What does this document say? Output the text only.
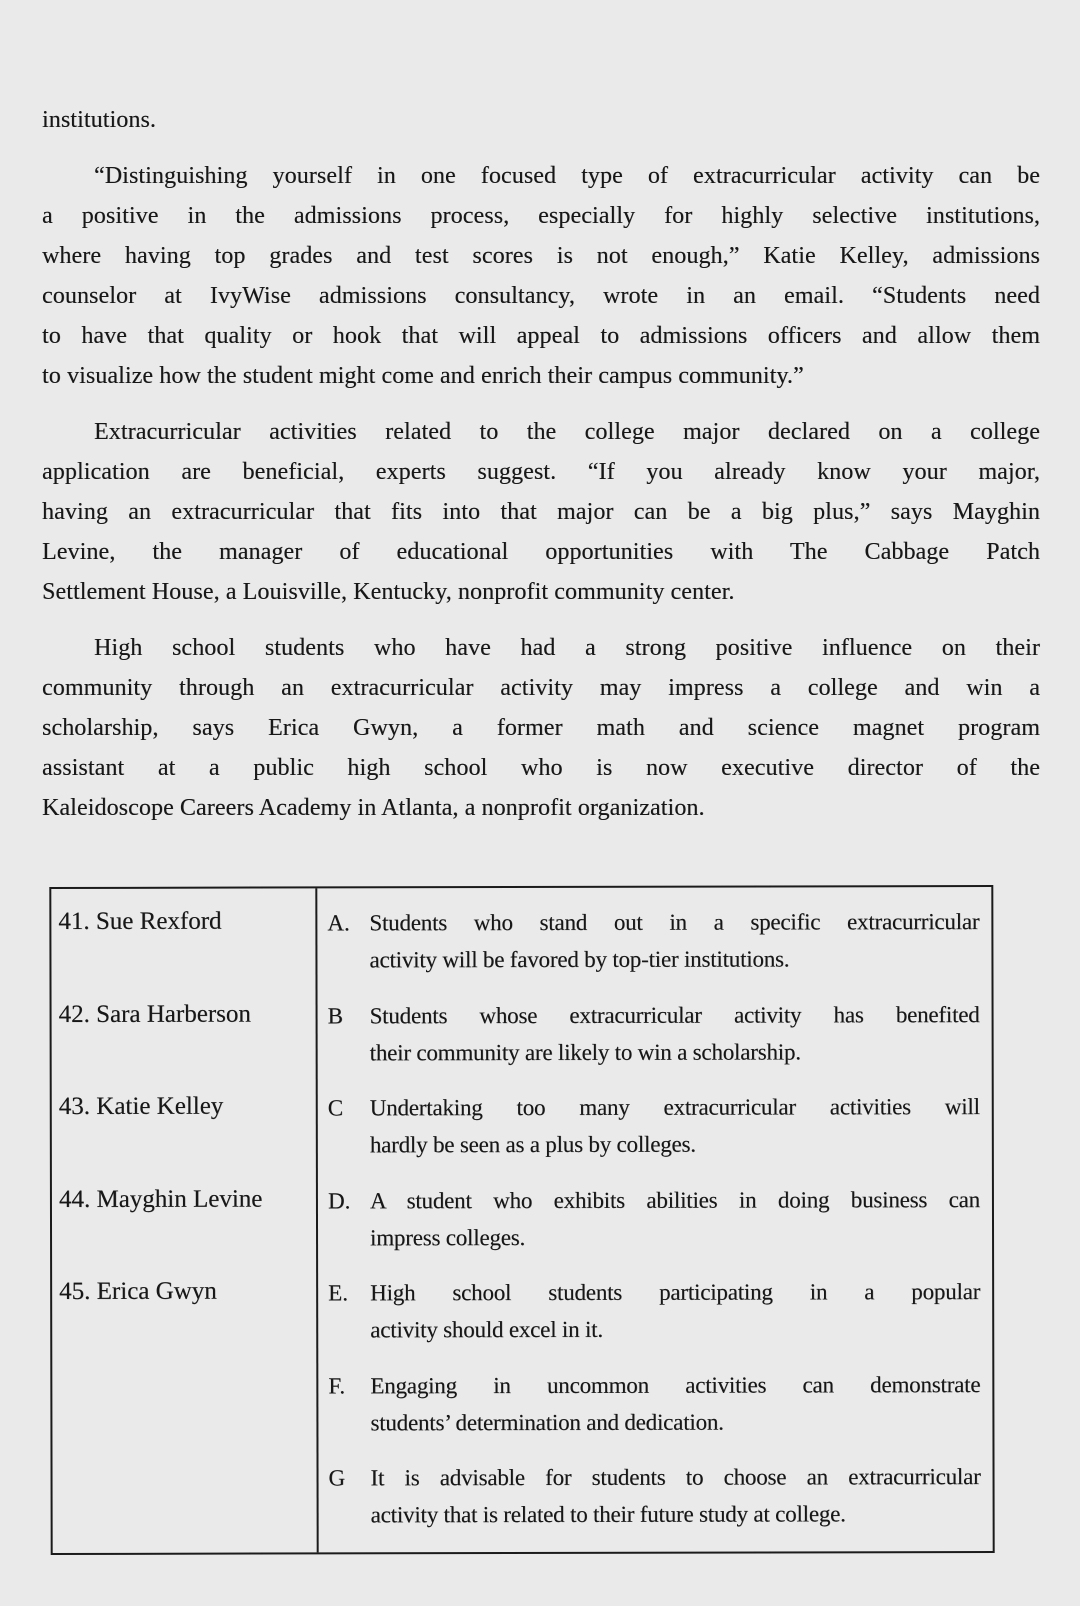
institutions.

“Distinguishing yourself in one focused type of extracurricular activity can be
a positive in the admissions process, especially for highly selective institutions,
where having top grades and test scores is not enough,” Katie Kelley, admissions
counselor at IvyWise admissions consultancy, wrote in an email. “Students need
to have that quality or hook that will appeal to admissions officers and allow them
to visualize how the student might come and enrich their campus community.”

Extracurricular activities related to the college major declared on a college
application are beneficial, experts suggest. “If you already know your major,
having an extracurricular that fits into that major can be a big plus,” says Mayghin
Levine, the manager of educational opportunities with The Cabbage Patch
Settlement House, a Louisville, Kentucky, nonprofit community center.

High school students who have had a strong positive influence on their
community through an extracurricular activity may impress a college and win a
scholarship, says Erica Gwyn, a former math and science magnet program
assistant at a public high school who is now executive director of the
Kaleidoscope Careers Academy in Atlanta, a nonprofit organization.

41. Sue Rexford
42. Sara Harberson
43. Katie Kelley
44. Mayghin Levine
45. Erica Gwyn
A. Students who stand out in a specific extracurricular
activity will be favored by top-tier institutions.
B	Students whose extracurricular activity has benefited
their community are likely to win a scholarship.
C	Undertaking too many extracurricular activities will
hardly be seen as a plus by colleges.
D. A student who exhibits abilities in doing business can
impress colleges.
E. High school students participating in a popular
activity should excel in it.
F.	Engaging in uncommon activities can demonstrate
students’ determination and dedication.
G	It is advisable for students to choose an extracurricular
activity that is related to their future study at college.
